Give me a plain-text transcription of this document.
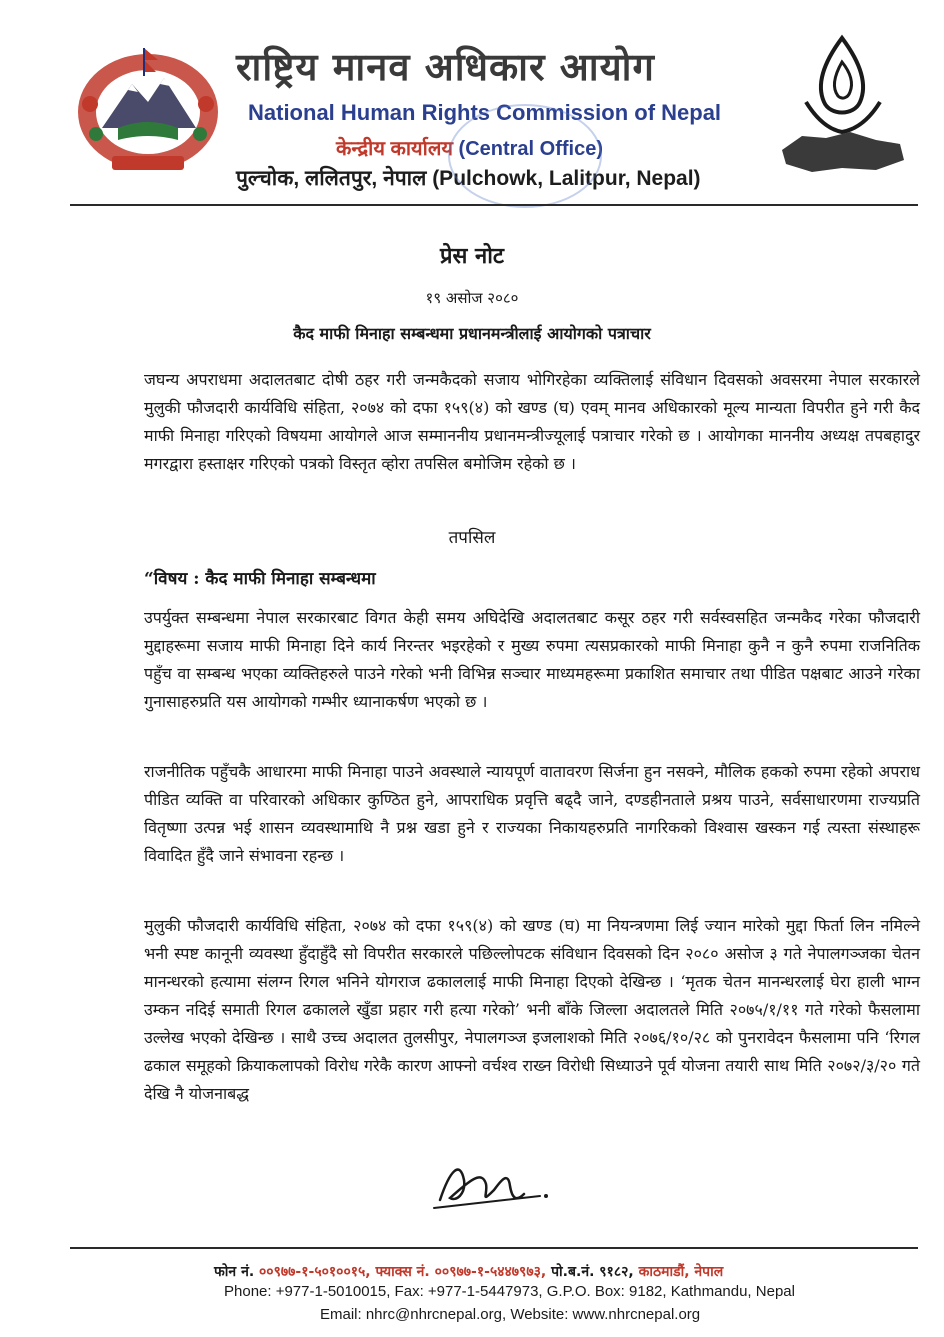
राष्ट्रिय मानव अधिकार आयोग
National Human Rights Commission of Nepal
केन्द्रीय कार्यालय (Central Office)
पुल्चोक, ललितपुर, नेपाल (Pulchowk, Lalitpur, Nepal)
प्रेस नोट
१९ असोज २०८०
कैद माफी मिनाहा सम्बन्धमा प्रधानमन्त्रीलाई आयोगको पत्राचार

जघन्य अपराधमा अदालतबाट दोषी ठहर गरी जन्मकैदको सजाय भोगिरहेका व्यक्तिलाई संविधान दिवसको अवसरमा नेपाल सरकारले मुलुकी फौजदारी कार्यविधि संहिता, २०७४ को दफा १५९(४) को खण्ड (घ) एवम् मानव अधिकारको मूल्य मान्यता विपरीत हुने गरी कैद माफी मिनाहा गरिएको विषयमा आयोगले आज सम्माननीय प्रधानमन्त्रीज्यूलाई पत्राचार गरेको छ । आयोगका माननीय अध्यक्ष तपबहादुर मगरद्वारा हस्ताक्षर गरिएको पत्रको विस्तृत व्होरा तपसिल बमोजिम रहेको छ ।

तपसिल
“विषय : कैद माफी मिनाहा सम्बन्धमा

उपर्युक्त सम्बन्धमा नेपाल सरकारबाट विगत केही समय अघिदेखि अदालतबाट कसूर ठहर गरी सर्वस्वसहित जन्मकैद गरेका फौजदारी मुद्दाहरूमा सजाय माफी मिनाहा दिने कार्य निरन्तर भइरहेको र मुख्य रुपमा त्यसप्रकारको माफी मिनाहा कुनै न कुनै रुपमा राजनितिक पहुँच वा सम्बन्ध भएका व्यक्तिहरुले पाउने गरेको भनी विभिन्न सञ्चार माध्यमहरूमा प्रकाशित समाचार तथा पीडित पक्षबाट आउने गरेका गुनासाहरुप्रति यस आयोगको गम्भीर ध्यानाकर्षण भएको छ ।

राजनीतिक पहुँचकै आधारमा माफी मिनाहा पाउने अवस्थाले न्यायपूर्ण वातावरण सिर्जना हुन नसक्ने, मौलिक हकको रुपमा रहेको अपराध पीडित व्यक्ति वा परिवारको अधिकार कुण्ठित हुने, आपराधिक प्रवृत्ति बढ्दै जाने, दण्डहीनताले प्रश्रय पाउने, सर्वसाधारणमा राज्यप्रति वितृष्णा उत्पन्न भई शासन व्यवस्थामाथि नै प्रश्न खडा हुने र राज्यका निकायहरुप्रति नागरिकको विश्वास खस्कन गई त्यस्ता संस्थाहरू विवादित हुँदै जाने संभावना रहन्छ ।

मुलुकी फौजदारी कार्यविधि संहिता, २०७४ को दफा १५९(४) को खण्ड (घ) मा नियन्त्रणमा लिई ज्यान मारेको मुद्दा फिर्ता लिन नमिल्ने भनी स्पष्ट कानूनी व्यवस्था हुँदाहुँदै सो विपरीत सरकारले पछिल्लोपटक संविधान दिवसको दिन २०८० असोज ३ गते नेपालगञ्जका चेतन मानन्धरको हत्यामा संलग्न रिगल भनिने योगराज ढकाललाई माफी मिनाहा दिएको देखिन्छ । ‘मृतक चेतन मानन्धरलाई घेरा हाली भाग्न उम्कन नदिई समाती रिगल ढकालले खुँडा प्रहार गरी हत्या गरेको’ भनी बाँके जिल्ला अदालतले मिति २०७५/१/११ गते गरेको फैसलामा उल्लेख भएको देखिन्छ । साथै उच्च अदालत तुलसीपुर, नेपालगञ्ज इजलाशको मिति २०७६/१०/२८ को पुनरावेदन फैसलामा पनि ‘रिगल ढकाल समूहको क्रियाकलापको विरोध गरेकै कारण आफ्नो वर्चश्व राख्न विरोधी सिध्याउने पूर्व योजना तयारी साथ मिति २०७२/३/२० गते देखि नै योजनाबद्ध

फोन नं. ००९७७-१-५०१००१५, फ्याक्स नं. ००९७७-१-५४४७९७३, पो.ब.नं. ९१८२, काठमाडौं, नेपाल
Phone: +977-1-5010015, Fax: +977-1-5447973, G.P.O. Box: 9182, Kathmandu, Nepal
Email: nhrc@nhrcnepal.org, Website: www.nhrcnepal.org
